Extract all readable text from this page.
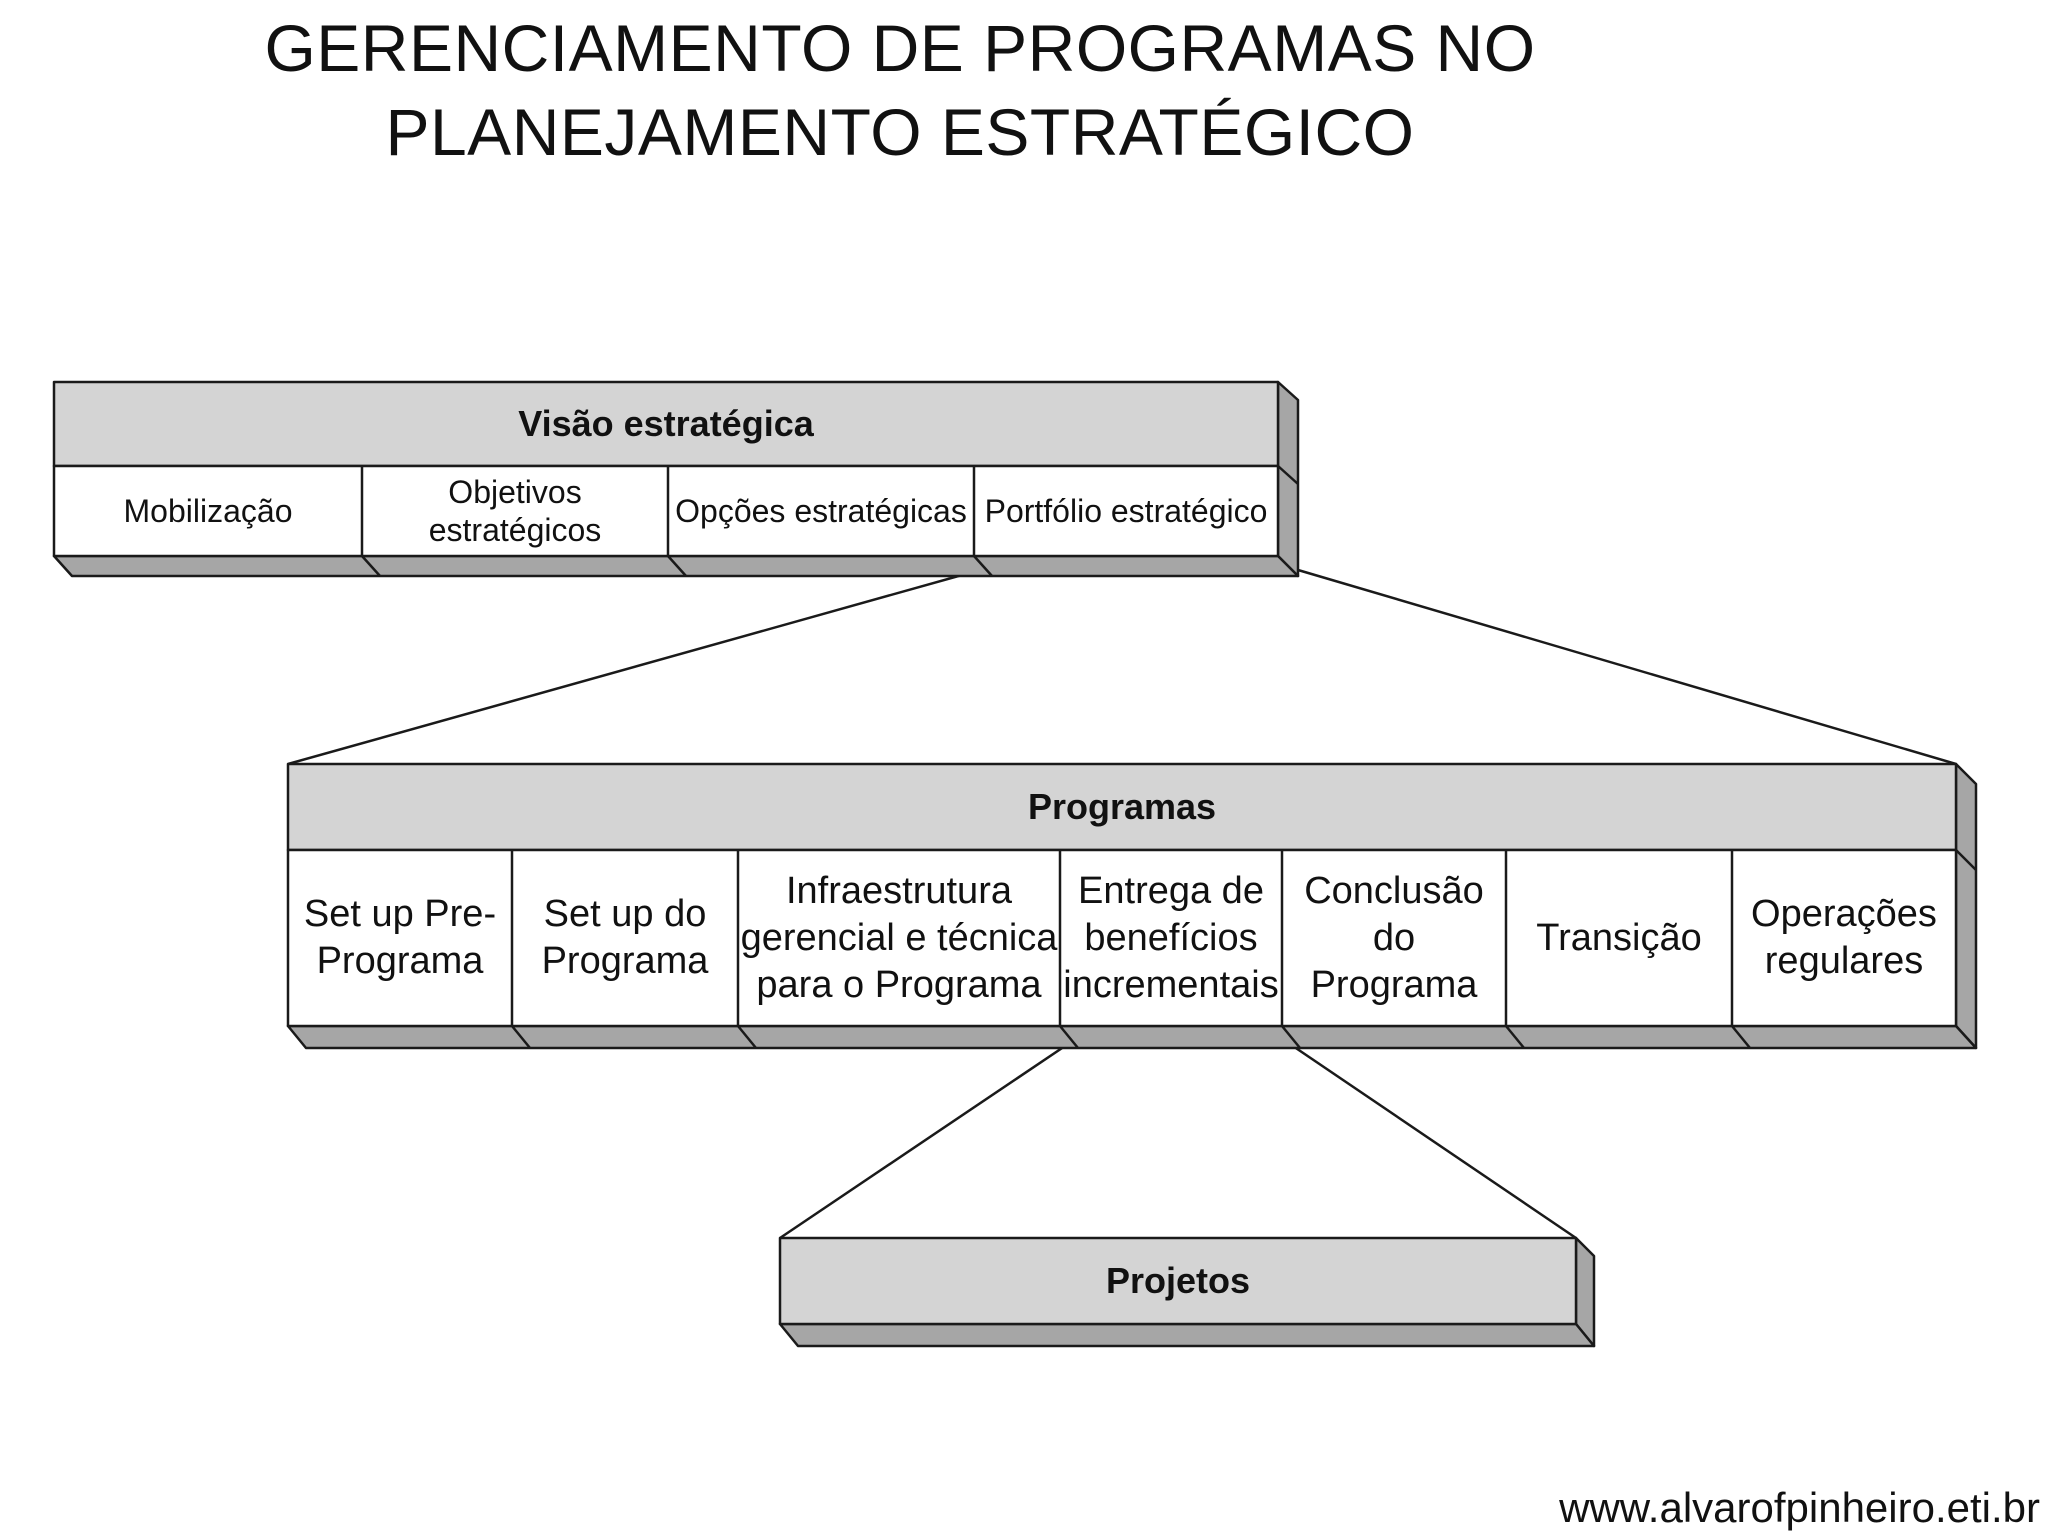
GERENCIAMENTO DE PROGRAMAS NO
PLANEJAMENTO ESTRATÉGICO
Visão estratégica
Mobilização
Objetivos
estratégicos
Opções estratégicas Portfólio estratégico
Programas
Set up Pre-
Programa
Set up do
Programa
Infraestrutura
gerencial e técnica
para o Programa
Entrega de
benefícios
incrementais
Conclusão
do
Programa
Transição
Operações
regulares
Projetos
www.alvarofpinheiro.eti.br
